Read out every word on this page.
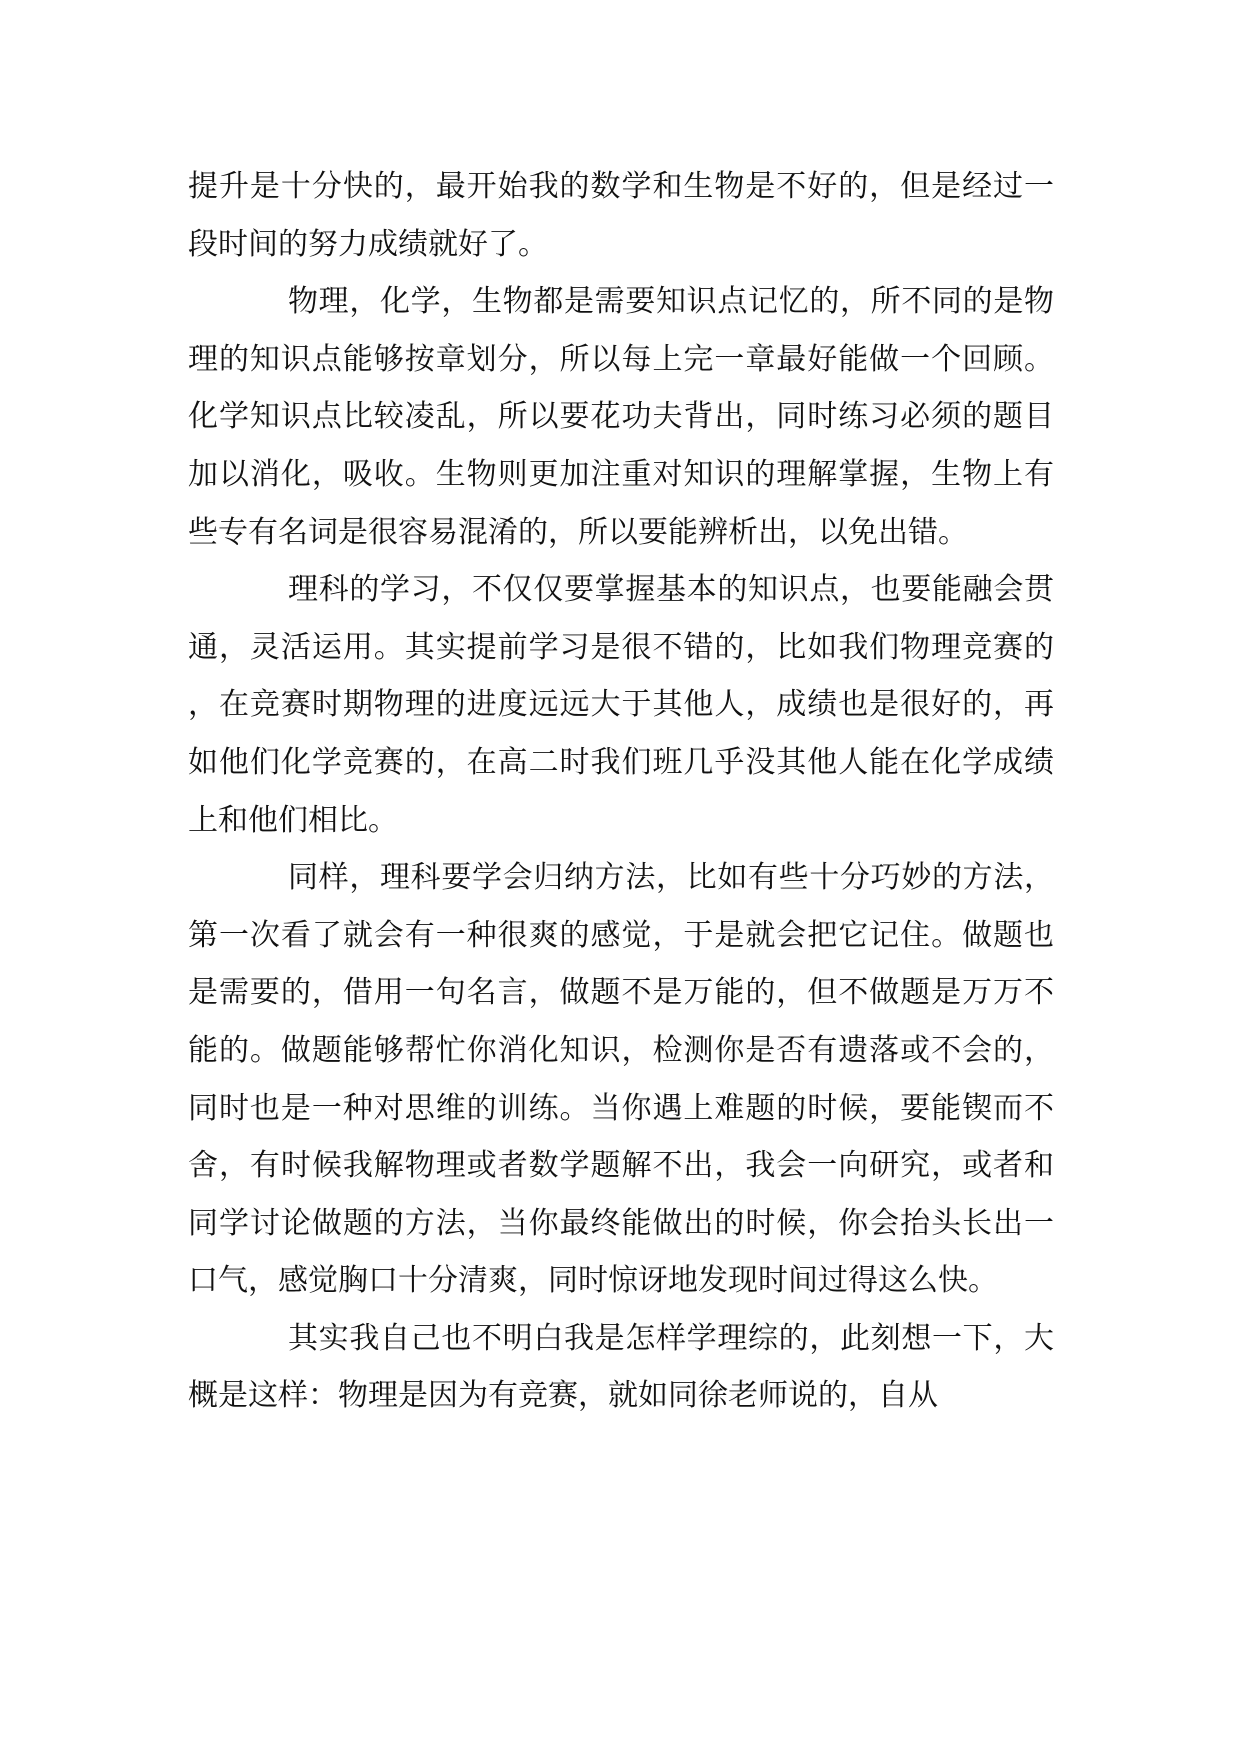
提升是十分快的，最开始我的数学和生物是不好的，但是经过一段时间的努力成绩就好了。

物理，化学，生物都是需要知识点记忆的，所不同的是物理的知识点能够按章划分，所以每上完一章最好能做一个回顾。化学知识点比较凌乱，所以要花功夫背出，同时练习必须的题目加以消化，吸收。生物则更加注重对知识的理解掌握，生物上有些专有名词是很容易混淆的，所以要能辨析出，以免出错。

理科的学习，不仅仅要掌握基本的知识点，也要能融会贯通，灵活运用。其实提前学习是很不错的，比如我们物理竞赛的，在竞赛时期物理的进度远远大于其他人，成绩也是很好的，再如他们化学竞赛的，在高二时我们班几乎没其他人能在化学成绩上和他们相比。

同样，理科要学会归纳方法，比如有些十分巧妙的方法，第一次看了就会有一种很爽的感觉，于是就会把它记住。做题也是需要的，借用一句名言，做题不是万能的，但不做题是万万不能的。做题能够帮忙你消化知识，检测你是否有遗落或不会的，同时也是一种对思维的训练。当你遇上难题的时候，要能锲而不舍，有时候我解物理或者数学题解不出，我会一向研究，或者和同学讨论做题的方法，当你最终能做出的时候，你会抬头长出一口气，感觉胸口十分清爽，同时惊讶地发现时间过得这么快。

其实我自己也不明白我是怎样学理综的，此刻想一下，大概是这样：物理是因为有竞赛，就如同徐老师说的，自从
